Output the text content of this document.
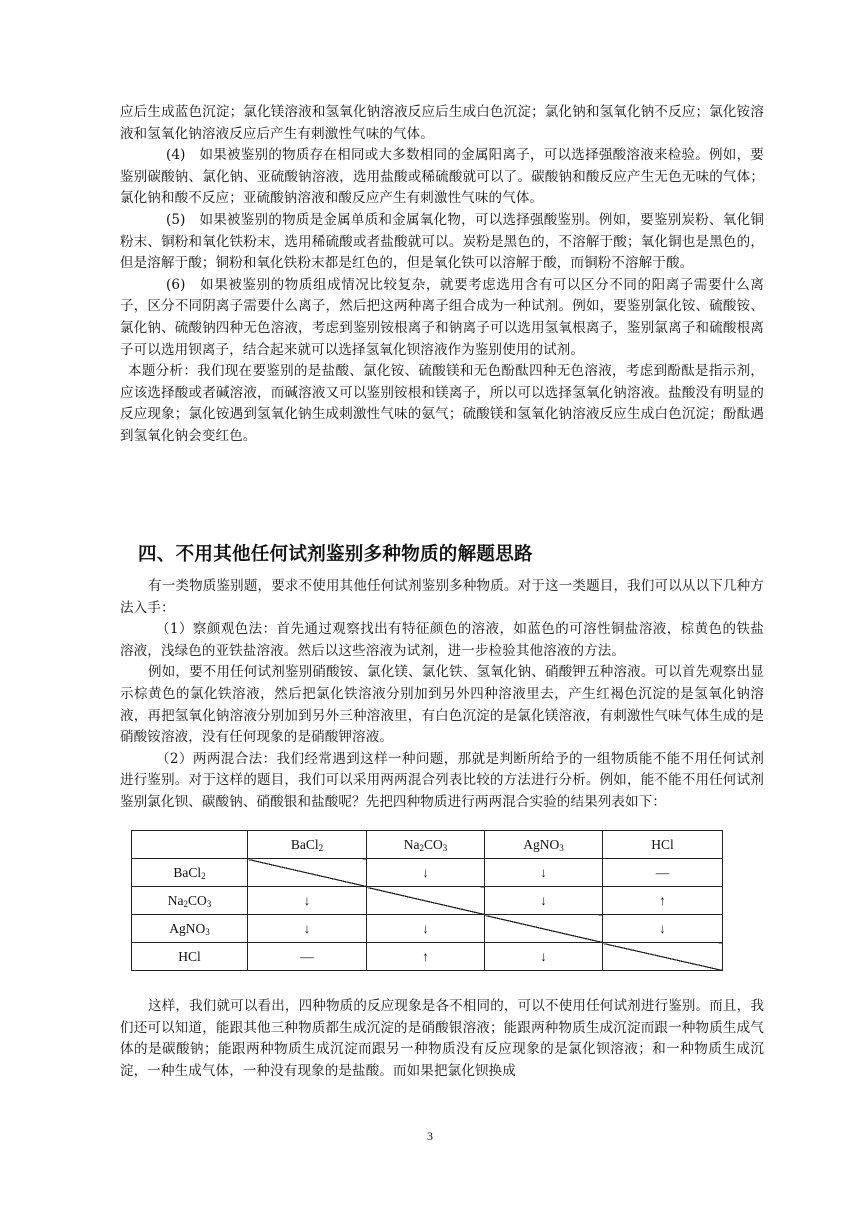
应后生成蓝色沉淀；氯化镁溶液和氢氧化钠溶液反应后生成白色沉淀；氯化钠和氢氧化钠不反应；氯化铵溶液和氢氧化钠溶液反应后产生有刺激性气味的气体。

(4)　如果被鉴别的物质存在相同或大多数相同的金属阳离子，可以选择强酸溶液来检验。例如，要鉴别碳酸钠、氯化钠、亚硫酸钠溶液，选用盐酸或稀硫酸就可以了。碳酸钠和酸反应产生无色无味的气体；氯化钠和酸不反应；亚硫酸钠溶液和酸反应产生有刺激性气味的气体。

(5)　如果被鉴别的物质是金属单质和金属氧化物，可以选择强酸鉴别。例如，要鉴别炭粉、氧化铜粉末、铜粉和氧化铁粉末，选用稀硫酸或者盐酸就可以。炭粉是黑色的，不溶解于酸；氧化铜也是黑色的，但是溶解于酸；铜粉和氧化铁粉末都是红色的，但是氧化铁可以溶解于酸，而铜粉不溶解于酸。

(6)　如果被鉴别的物质组成情况比较复杂，就要考虑选用含有可以区分不同的阳离子需要什么离子，区分不同阴离子需要什么离子，然后把这两种离子组合成为一种试剂。例如，要鉴别氯化铵、硫酸铵、氯化钠、硫酸钠四种无色溶液，考虑到鉴别铵根离子和钠离子可以选用氢氧根离子，鉴别氯离子和硫酸根离子可以选用钡离子，结合起来就可以选择氢氧化钡溶液作为鉴别使用的试剂。

本题分析：我们现在要鉴别的是盐酸、氯化铵、硫酸镁和无色酚酞四种无色溶液，考虑到酚酞是指示剂，应该选择酸或者碱溶液，而碱溶液又可以鉴别铵根和镁离子，所以可以选择氢氧化钠溶液。盐酸没有明显的反应现象；氯化铵遇到氢氧化钠生成刺激性气味的氨气；硫酸镁和氢氧化钠溶液反应生成白色沉淀；酚酞遇到氢氧化钠会变红色。

四、不用其他任何试剂鉴别多种物质的解题思路

有一类物质鉴别题，要求不使用其他任何试剂鉴别多种物质。对于这一类题目，我们可以从以下几种方法入手：

（1）察颜观色法：首先通过观察找出有特征颜色的溶液，如蓝色的可溶性铜盐溶液，棕黄色的铁盐溶液，浅绿色的亚铁盐溶液。然后以这些溶液为试剂，进一步检验其他溶液的方法。

例如，要不用任何试剂鉴别硝酸铵、氯化镁、氯化铁、氢氧化钠、硝酸钾五种溶液。可以首先观察出显示棕黄色的氯化铁溶液，然后把氯化铁溶液分别加到另外四种溶液里去，产生红褐色沉淀的是氢氧化钠溶液，再把氢氧化钠溶液分别加到另外三种溶液里，有白色沉淀的是氯化镁溶液，有刺激性气味气体生成的是硝酸铵溶液，没有任何现象的是硝酸钾溶液。

（2）两两混合法：我们经常遇到这样一种问题，那就是判断所给予的一组物质能不能不用任何试剂进行鉴别。对于这样的题目，我们可以采用两两混合列表比较的方法进行分析。例如，能不能不用任何试剂鉴别氯化钡、碳酸钠、硝酸银和盐酸呢？先把四种物质进行两两混合实验的结果列表如下：

	BaCl$_2$	$Na_2CO_3$	AgNO$_3$	HCl
BaCl$_2$		↓	↓	—
$Na_2CO_3$	↓		↓	↑
AgNO$_3$	↓	↓		↓
HCl	—	↑	↓	

这样，我们就可以看出，四种物质的反应现象是各不相同的，可以不使用任何试剂进行鉴别。而且，我们还可以知道，能跟其他三种物质都生成沉淀的是硝酸银溶液；能跟两种物质生成沉淀而跟一种物质生成气体的是碳酸钠；能跟两种物质生成沉淀而跟另一种物质没有反应现象的是氯化钡溶液；和一种物质生成沉淀，一种生成气体，一种没有现象的是盐酸。而如果把氯化钡换成

3
